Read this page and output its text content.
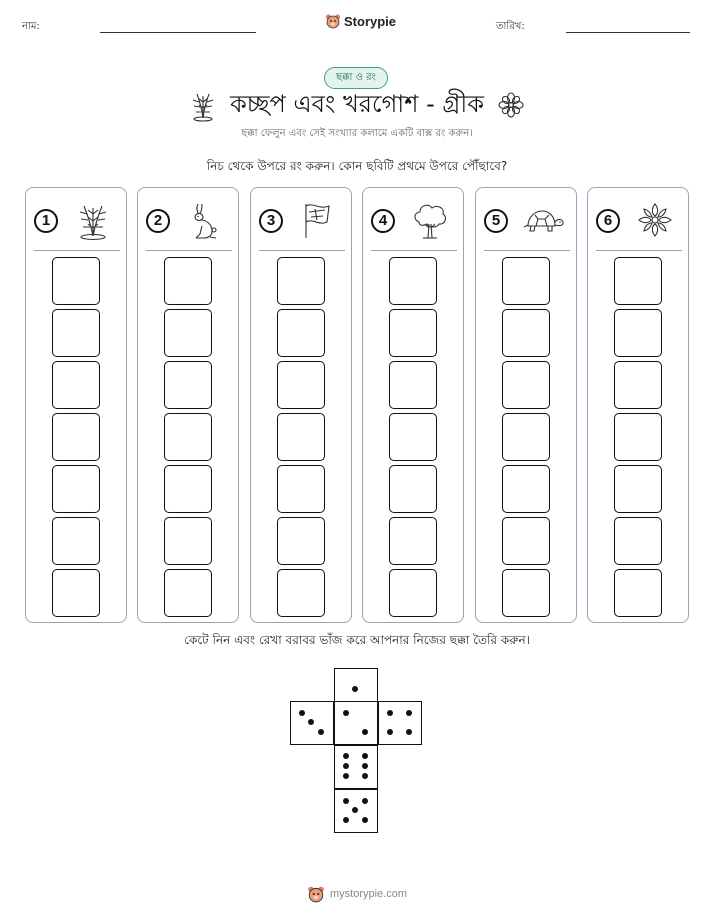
নাম:	Storypie	তারিখ:
ছক্কা ও রং
কচ্ছপ এবং খরগোশ - গ্রীক
ছক্কা ফেলুন এবং সেই সংখ্যার কলামে একটি বাক্স রং করুন।
নিচ থেকে উপরে রং করুন। কোন ছবিটি প্রথমে উপরে পৌঁছাবে?
1	2	3	4	5	6
কেটে নিন এবং রেখা বরাবর ভাঁজ করে আপনার নিজের ছক্কা তৈরি করুন।
mystorypie.com
